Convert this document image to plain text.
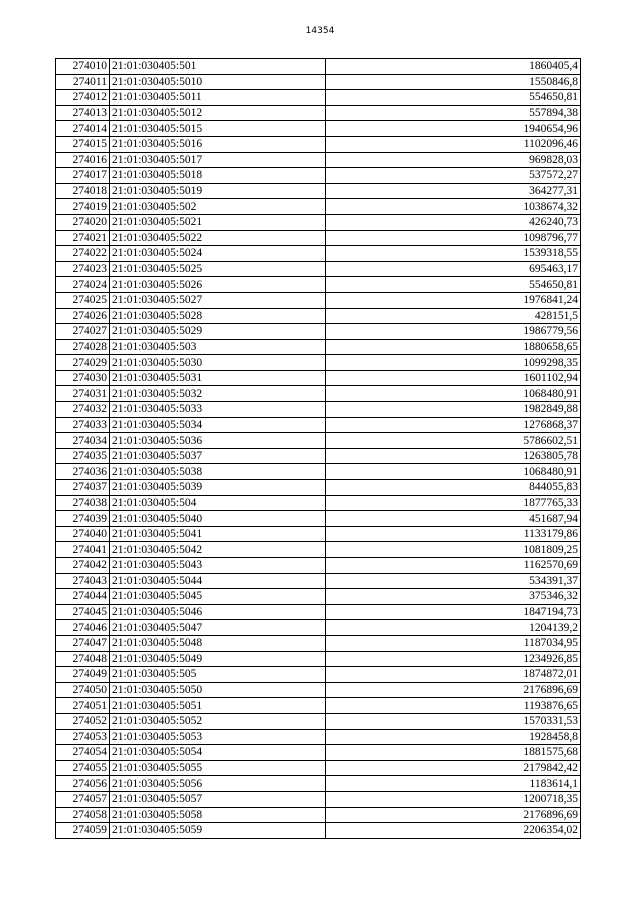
14354
274010	21:01:030405:501	1860405,4
274011	21:01:030405:5010	1550846,8
274012	21:01:030405:5011	554650,81
274013	21:01:030405:5012	557894,38
274014	21:01:030405:5015	1940654,96
274015	21:01:030405:5016	1102096,46
274016	21:01:030405:5017	969828,03
274017	21:01:030405:5018	537572,27
274018	21:01:030405:5019	364277,31
274019	21:01:030405:502	1038674,32
274020	21:01:030405:5021	426240,73
274021	21:01:030405:5022	1098796,77
274022	21:01:030405:5024	1539318,55
274023	21:01:030405:5025	695463,17
274024	21:01:030405:5026	554650,81
274025	21:01:030405:5027	1976841,24
274026	21:01:030405:5028	428151,5
274027	21:01:030405:5029	1986779,56
274028	21:01:030405:503	1880658,65
274029	21:01:030405:5030	1099298,35
274030	21:01:030405:5031	1601102,94
274031	21:01:030405:5032	1068480,91
274032	21:01:030405:5033	1982849,88
274033	21:01:030405:5034	1276868,37
274034	21:01:030405:5036	5786602,51
274035	21:01:030405:5037	1263805,78
274036	21:01:030405:5038	1068480,91
274037	21:01:030405:5039	844055,83
274038	21:01:030405:504	1877765,33
274039	21:01:030405:5040	451687,94
274040	21:01:030405:5041	1133179,86
274041	21:01:030405:5042	1081809,25
274042	21:01:030405:5043	1162570,69
274043	21:01:030405:5044	534391,37
274044	21:01:030405:5045	375346,32
274045	21:01:030405:5046	1847194,73
274046	21:01:030405:5047	1204139,2
274047	21:01:030405:5048	1187034,95
274048	21:01:030405:5049	1234926,85
274049	21:01:030405:505	1874872,01
274050	21:01:030405:5050	2176896,69
274051	21:01:030405:5051	1193876,65
274052	21:01:030405:5052	1570331,53
274053	21:01:030405:5053	1928458,8
274054	21:01:030405:5054	1881575,68
274055	21:01:030405:5055	2179842,42
274056	21:01:030405:5056	1183614,1
274057	21:01:030405:5057	1200718,35
274058	21:01:030405:5058	2176896,69
274059	21:01:030405:5059	2206354,02
